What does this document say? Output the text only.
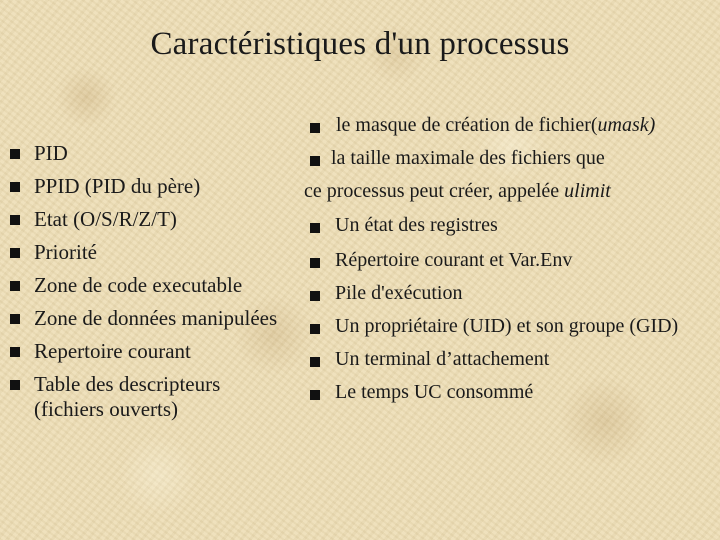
Caractéristiques d'un processus
PID
PPID (PID du père)
Etat (O/S/R/Z/T)
Priorité
Zone de code executable
Zone de données manipulées
Repertoire courant
Table des descripteurs
(fichiers ouverts)
le masque de création de fichier(umask)
la taille maximale des fichiers que
ce processus peut créer, appelée ulimit
Un état des registres
Répertoire courant et Var.Env
Pile d'exécution
Un propriétaire (UID) et son groupe (GID)
Un terminal d’attachement
Le temps UC consommé
